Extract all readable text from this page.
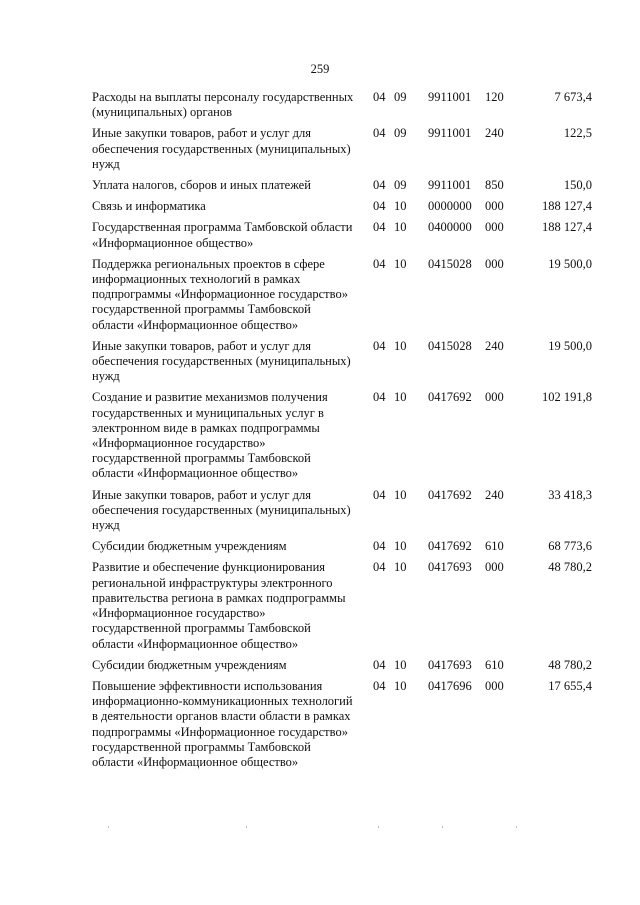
259
Расходы на выплаты персоналу государственных (муниципальных) органов
04 09 9911001 120	7 673,4
Иные закупки товаров, работ и услуг для обеспечения государственных (муниципальных) нужд
04 09 9911001 240	122,5
Уплата налогов, сборов и иных платежей	04 09 9911001 850	150,0
Связь и информатика	04 10 0000000 000	188 127,4
Государственная программа Тамбовской области «Информационное общество»
04 10 0400000 000	188 127,4
Поддержка региональных проектов в сфере информационных технологий в рамках подпрограммы «Информационное государство» государственной программы Тамбовской области «Информационное общество»
04 10 0415028 000	19 500,0
Иные закупки товаров, работ и услуг для обеспечения государственных (муниципальных) нужд
04 10 0415028 240	19 500,0
Создание и развитие механизмов получения государственных и муниципальных услуг в электронном виде в рамках подпрограммы «Информационное государство» государственной программы Тамбовской области «Информационное общество»
04 10 0417692 000	102 191,8
Иные закупки товаров, работ и услуг для обеспечения государственных (муниципальных) нужд
04 10 0417692 240	33 418,3
Субсидии бюджетным учреждениям	04 10 0417692 610	68 773,6
Развитие и обеспечение функционирования региональной инфраструктуры электронного правительства региона в рамках подпрограммы «Информационное государство» государственной программы Тамбовской области «Информационное общество»
04 10 0417693 000	48 780,2
Субсидии бюджетным учреждениям	04 10 0417693 610	48 780,2
Повышение эффективности использования информационно-коммуникационных технологий в деятельности органов власти области в рамках подпрограммы «Информационное государство» государственной программы Тамбовской области «Информационное общество»
04 10 0417696 000	17 655,4
